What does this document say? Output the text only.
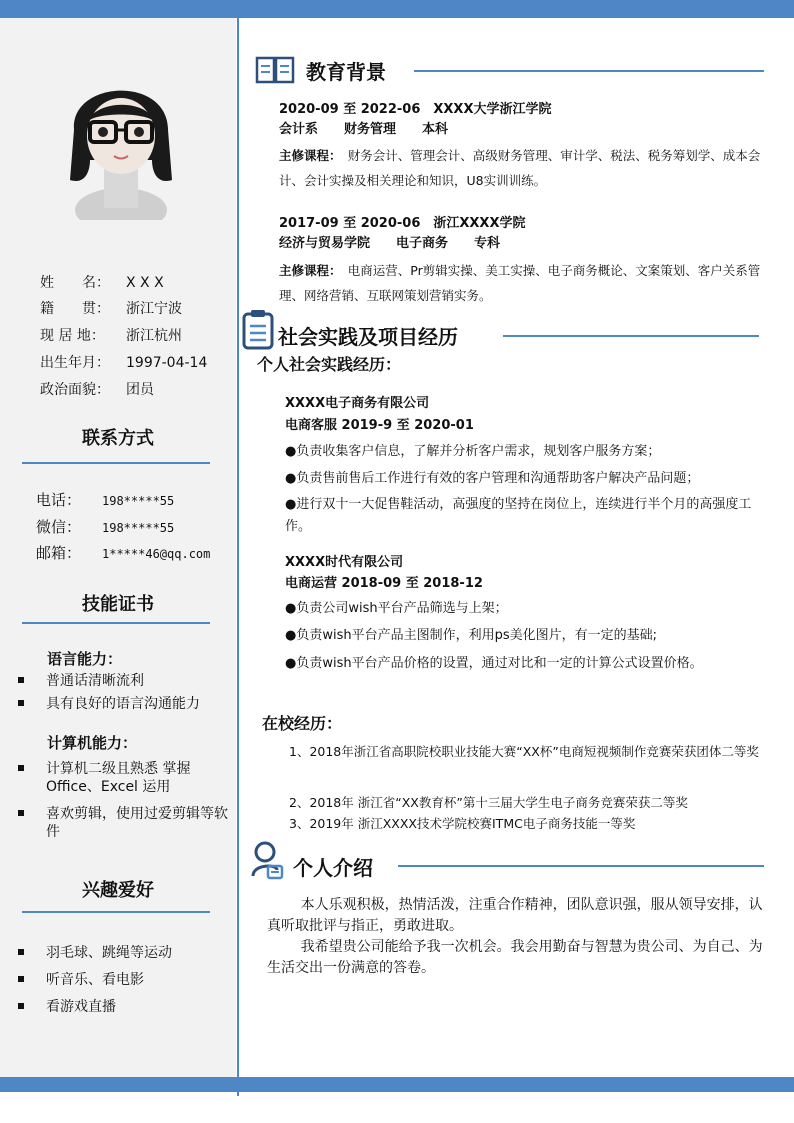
姓　　名： X X X
籍　　贯： 浙江宁波
现 居 地： 浙江杭州
出生年月： 1997-04-14
政治面貌： 团员
联系方式
电话： 198*****55
微信： 198*****55
邮箱： 1*****46@qq.com
技能证书
语言能力：
普通话清晰流利
具有良好的语言沟通能力
计算机能力：
计算机二级且熟悉 掌握 Office、Excel 运用
喜欢剪辑，使用过爱剪辑等软件
兴趣爱好
羽毛球、跳绳等运动
听音乐、看电影
看游戏直播
教育背景
2020-09 至 2022-06　XXXX大学浙江学院
会计系　　财务管理　　本科
主修课程：　 财务会计、管理会计、高级财务管理、审计学、税法、税务筹划学、成本会计、会计实操及相关理论和知识，U8实训训练。
2017-09 至 2020-06　浙江XXXX学院
经济与贸易学院　　电子商务　　专科
主修课程：　 电商运营、Pr剪辑实操、美工实操、电子商务概论、文案策划、客户关系管理、网络营销、互联网策划营销实务。
社会实践及项目经历
个人社会实践经历：
XXXX电子商务有限公司
电商客服 2019-9 至 2020-01
●负责收集客户信息，了解并分析客户需求，规划客户服务方案；
●负责售前售后工作进行有效的客户管理和沟通帮助客户解决产品问题；
●进行双十一大促售鞋活动，高强度的坚持在岗位上，连续进行半个月的高强度工作。
XXXX时代有限公司
电商运营 2018-09 至 2018-12
●负责公司wish平台产品筛选与上架；
●负责wish平台产品主图制作，利用ps美化图片，有一定的基础;
●负责wish平台产品价格的设置，通过对比和一定的计算公式设置价格。
在校经历：
1、2018年浙江省高职院校职业技能大赛“XX杯”电商短视频制作竞赛荣获团体二等奖
2、2018年 浙江省“XX教育杯”第十三届大学生电子商务竞赛荣获二等奖
3、2019年 浙江XXXX技术学院校赛ITMC电子商务技能一等奖
个人介绍
本人乐观积极，热情活泼，注重合作精神，团队意识强，服从领导安排，认真听取批评与指正，勇敢进取。
我希望贵公司能给予我一次机会。我会用勤奋与智慧为贵公司、为自己、为生活交出一份满意的答卷。
